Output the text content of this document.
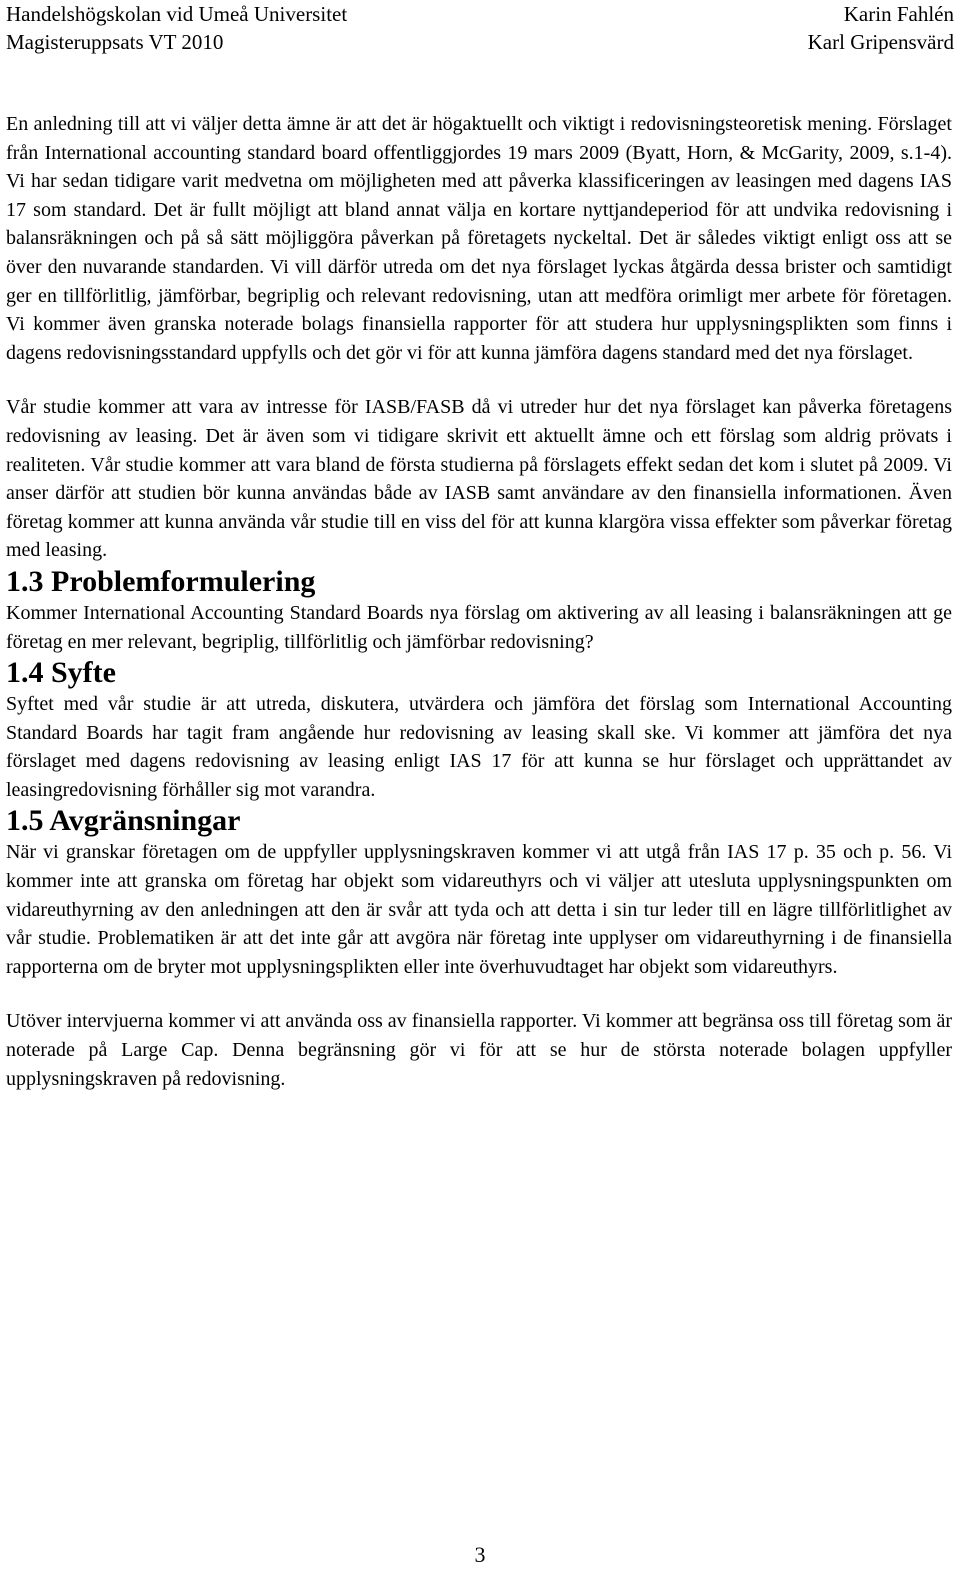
Handelshögskolan vid Umeå Universitet
Magisteruppsats VT 2010
Karin Fahlén
Karl Gripensvärd

En anledning till att vi väljer detta ämne är att det är högaktuellt och viktigt i redovisningsteoretisk mening. Förslaget från International accounting standard board offentliggjordes 19 mars 2009 (Byatt, Horn, & McGarity, 2009, s.1-4). Vi har sedan tidigare varit medvetna om möjligheten med att påverka klassificeringen av leasingen med dagens IAS 17 som standard. Det är fullt möjligt att bland annat välja en kortare nyttjandeperiod för att undvika redovisning i balansräkningen och på så sätt möjliggöra påverkan på företagets nyckeltal. Det är således viktigt enligt oss att se över den nuvarande standarden. Vi vill därför utreda om det nya förslaget lyckas åtgärda dessa brister och samtidigt ger en tillförlitlig, jämförbar, begriplig och relevant redovisning, utan att medföra orimligt mer arbete för företagen. Vi kommer även granska noterade bolags finansiella rapporter för att studera hur upplysningsplikten som finns i dagens redovisningsstandard uppfylls och det gör vi för att kunna jämföra dagens standard med det nya förslaget.

Vår studie kommer att vara av intresse för IASB/FASB då vi utreder hur det nya förslaget kan påverka företagens redovisning av leasing. Det är även som vi tidigare skrivit ett aktuellt ämne och ett förslag som aldrig prövats i realiteten. Vår studie kommer att vara bland de första studierna på förslagets effekt sedan det kom i slutet på 2009. Vi anser därför att studien bör kunna användas både av IASB samt användare av den finansiella informationen. Även företag kommer att kunna använda vår studie till en viss del för att kunna klargöra vissa effekter som påverkar företag med leasing.

1.3 Problemformulering

Kommer International Accounting Standard Boards nya förslag om aktivering av all leasing i balansräkningen att ge företag en mer relevant, begriplig, tillförlitlig och jämförbar redovisning?

1.4 Syfte

Syftet med vår studie är att utreda, diskutera, utvärdera och jämföra det förslag som International Accounting Standard Boards har tagit fram angående hur redovisning av leasing skall ske. Vi kommer att jämföra det nya förslaget med dagens redovisning av leasing enligt IAS 17 för att kunna se hur förslaget och upprättandet av leasingredovisning förhåller sig mot varandra.

1.5 Avgränsningar

När vi granskar företagen om de uppfyller upplysningskraven kommer vi att utgå från IAS 17 p. 35 och p. 56. Vi kommer inte att granska om företag har objekt som vidareuthyrs och vi väljer att utesluta upplysningspunkten om vidareuthyrning av den anledningen att den är svår att tyda och att detta i sin tur leder till en lägre tillförlitlighet av vår studie. Problematiken är att det inte går att avgöra när företag inte upplyser om vidareuthyrning i de finansiella rapporterna om de bryter mot upplysningsplikten eller inte överhuvudtaget har objekt som vidareuthyrs.

Utöver intervjuerna kommer vi att använda oss av finansiella rapporter. Vi kommer att begränsa oss till företag som är noterade på Large Cap. Denna begränsning gör vi för att se hur de största noterade bolagen uppfyller upplysningskraven på redovisning.

3
